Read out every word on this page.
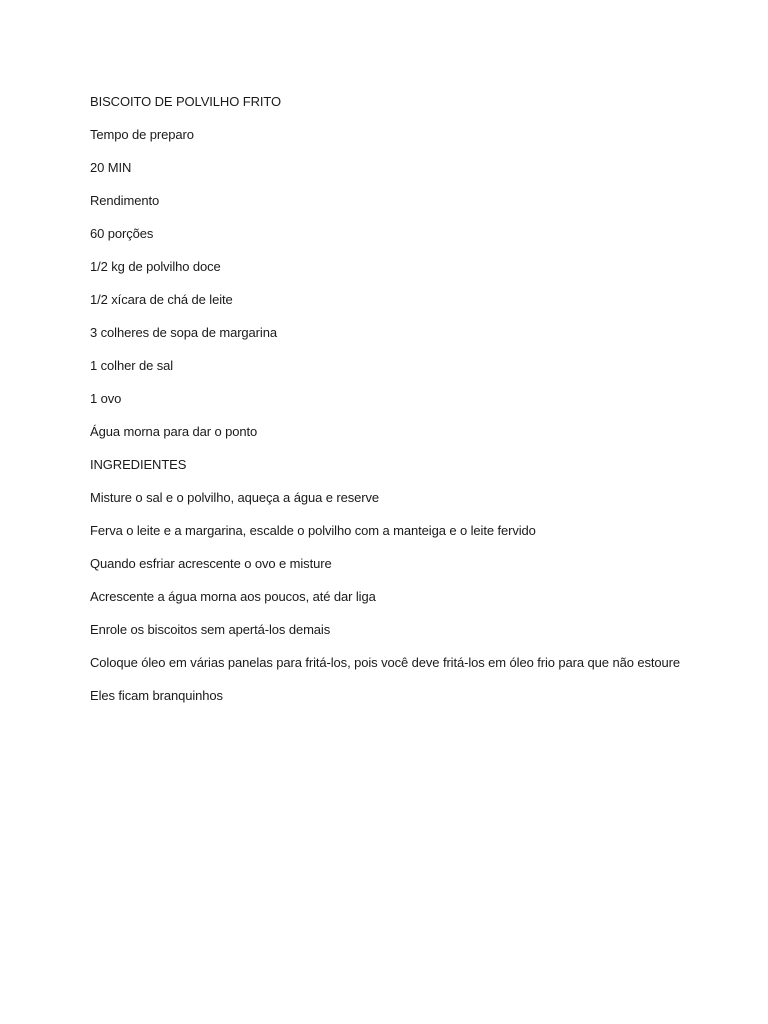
BISCOITO DE POLVILHO FRITO
Tempo de preparo
20 MIN
Rendimento
60 porções
1/2 kg de polvilho doce
1/2 xícara de chá de leite
3 colheres de sopa de margarina
1 colher de sal
1 ovo
Água morna para dar o ponto
INGREDIENTES
Misture o sal e o polvilho, aqueça a água e reserve
Ferva o leite e a margarina, escalde o polvilho com a manteiga e o leite fervido
Quando esfriar acrescente o ovo e misture
Acrescente a água morna aos poucos, até dar liga
Enrole os biscoitos sem apertá-los demais
Coloque óleo em várias panelas para fritá-los, pois você deve fritá-los em óleo frio para que não estoure
Eles ficam branquinhos
